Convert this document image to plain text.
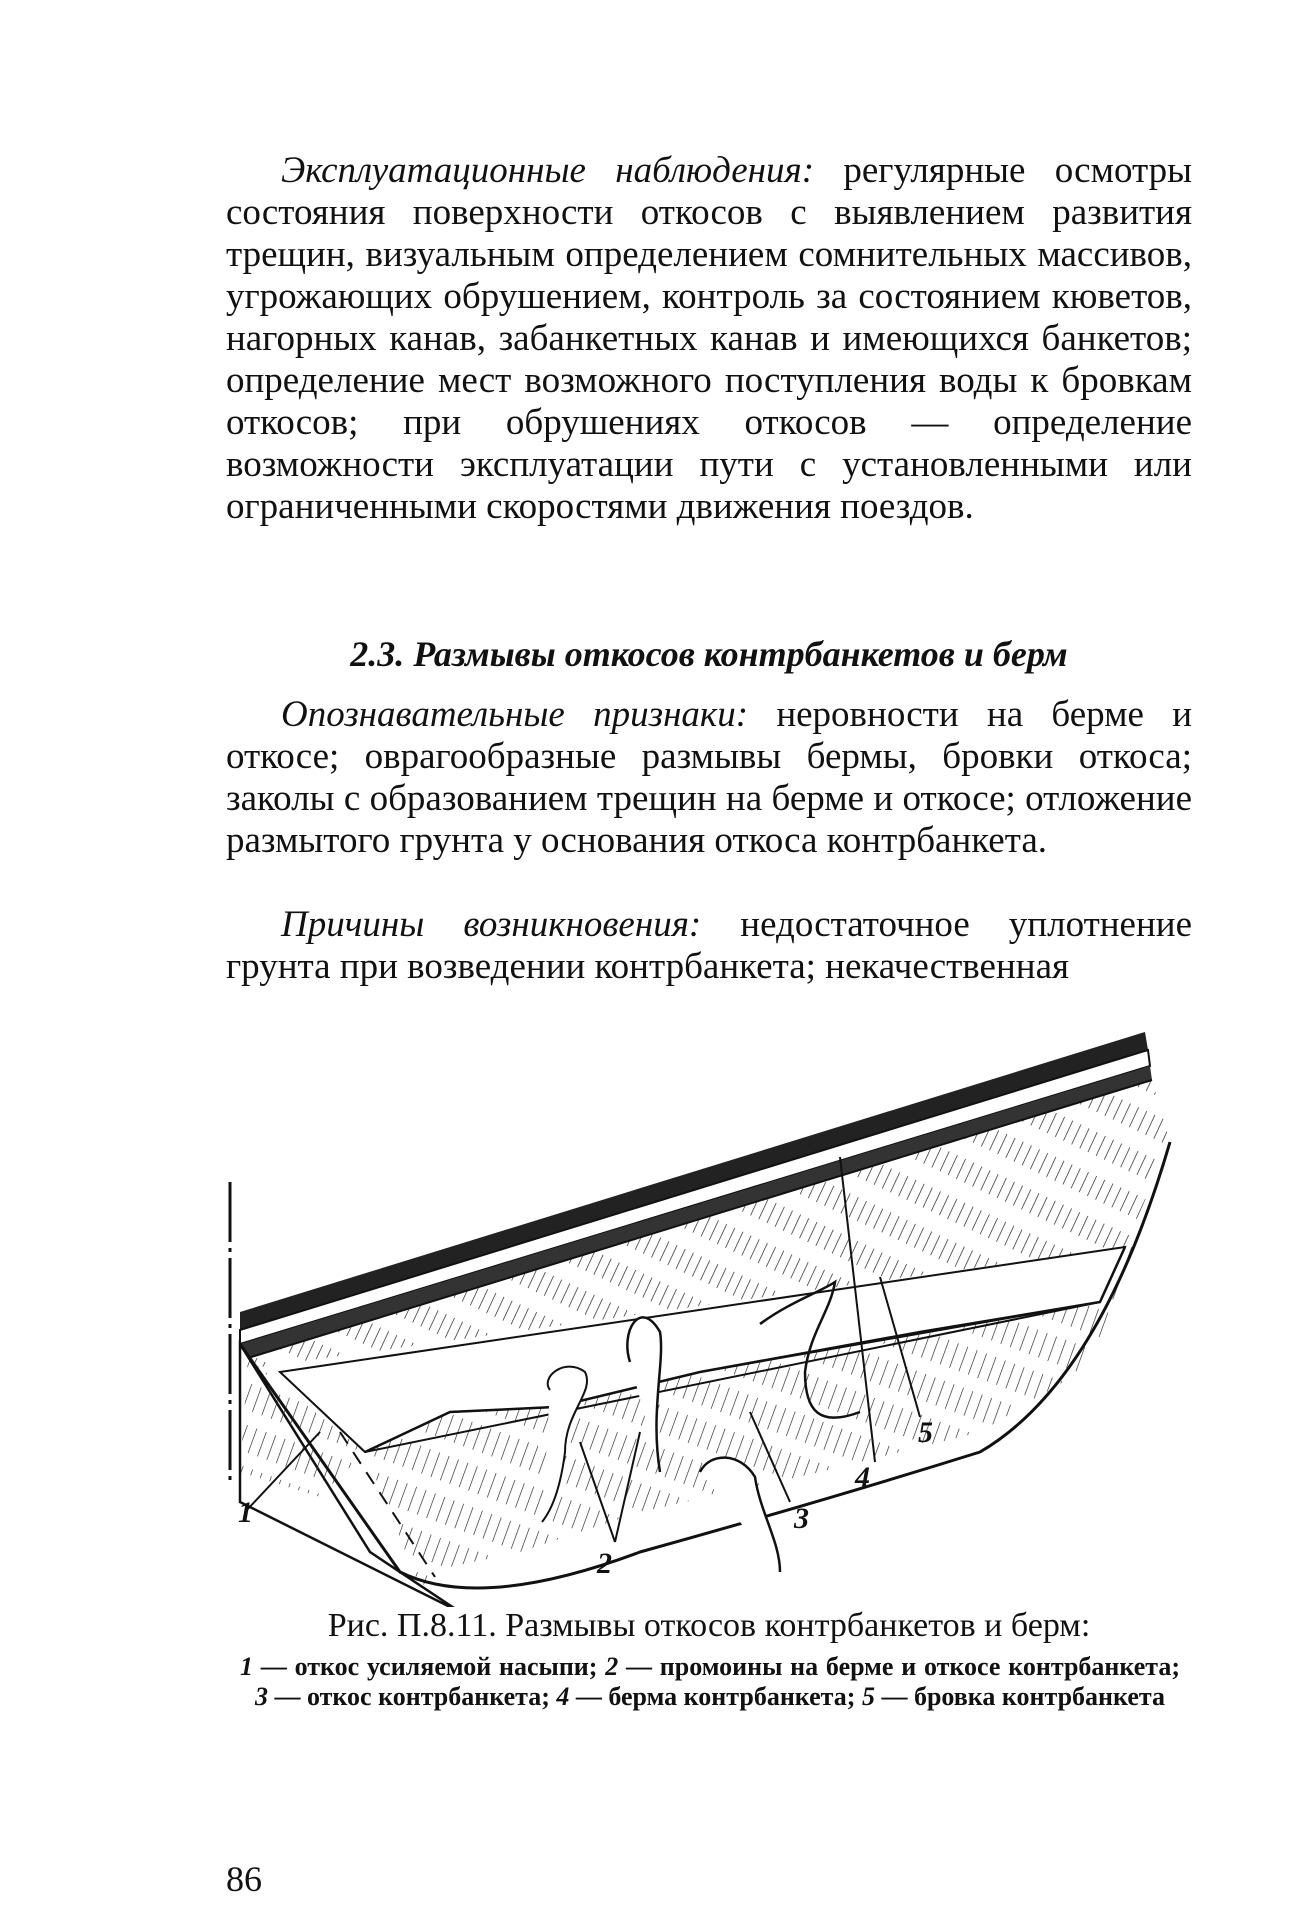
Эксплуатационные наблюдения: регулярные осмотры состояния поверхности откосов с выявлением развития трещин, визуальным определением сомнительных массивов, угрожающих обрушением, контроль за состоянием кюветов, нагорных канав, забанкетных канав и имеющихся банкетов; определение мест возможного поступления воды к бровкам откосов; при обрушениях откосов — определение возможности эксплуатации пути с установленными или ограниченными скоростями движения поездов.

2.3. Размывы откосов контрбанкетов и берм

Опознавательные признаки: неровности на берме и откосе; оврагообразные размывы бермы, бровки откоса; заколы с образованием трещин на берме и откосе; отложение размытого грунта у основания откоса контрбанкета.

Причины возникновения: недостаточное уплотнение грунта при возведении контрбанкета; некачественная

1
2
3
4
5
Рис. П.8.11. Размывы откосов контрбанкетов и берм:
1 — откос усиляемой насыпи; 2 — промоины на берме и откосе контрбанкета; 3 — откос контрбанкета; 4 — берма контрбанкета; 5 — бровка контрбанкета
86
